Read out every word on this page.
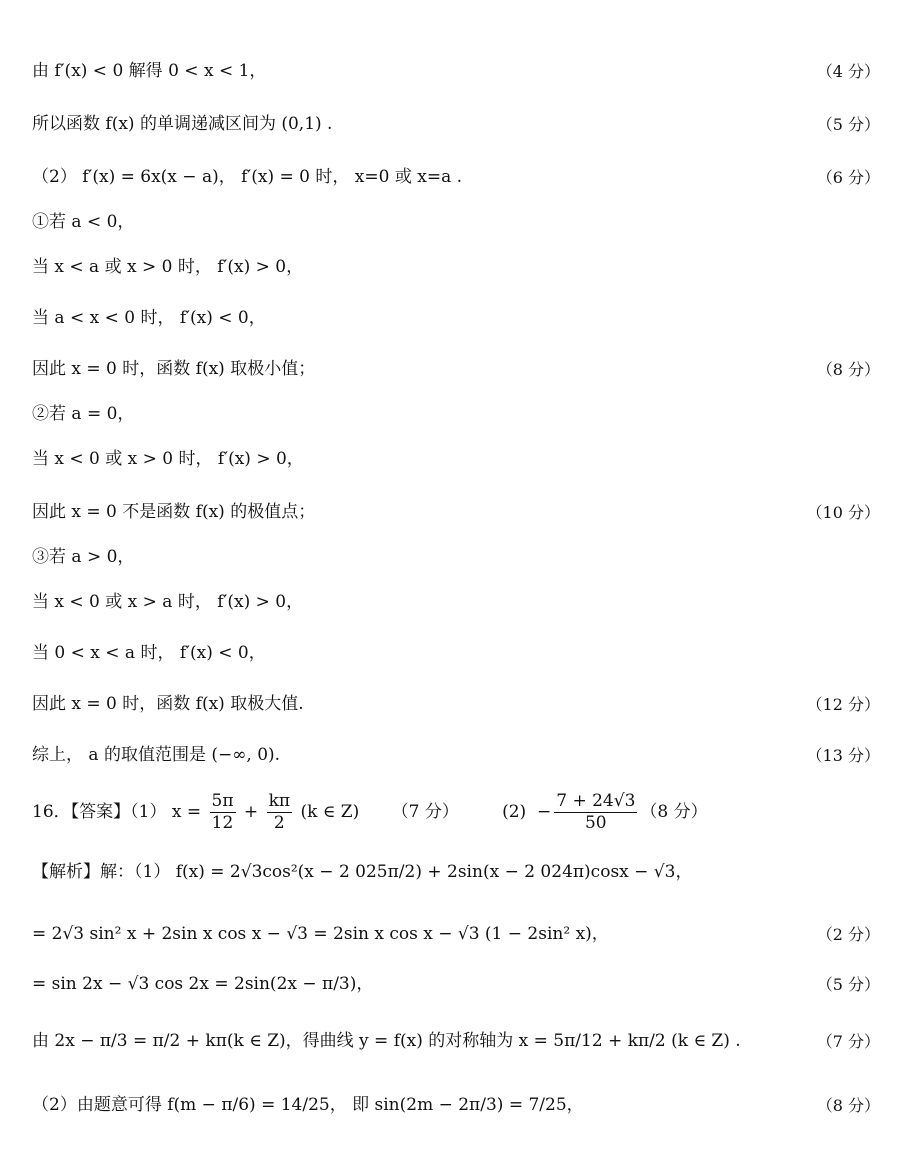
由 f′(x) < 0 解得 0 < x < 1，	（4 分）
所以函数 f(x) 的单调递减区间为 (0,1) .	（5 分）
（2） f′(x) = 6x(x − a)， f′(x) = 0 时， x=0 或 x=a .	（6 分）
①若 a < 0，
当 x < a 或 x > 0 时， f′(x) > 0，
当 a < x < 0 时， f′(x) < 0，
因此 x = 0 时，函数 f(x) 取极小值；	（8 分）
②若 a = 0，
当 x < 0 或 x > 0 时， f′(x) > 0，
因此 x = 0 不是函数 f(x) 的极值点；	（10 分）
③若 a > 0，
当 x < 0 或 x > a 时， f′(x) > 0，
当 0 < x < a 时， f′(x) < 0，
因此 x = 0 时，函数 f(x) 取极大值.	（12 分）
综上， a 的取值范围是 (−∞, 0).	（13 分）
16．【答案】（1） $x = \frac{5\pi}{12} + \frac{k\pi}{2} (k$ ∈ Z)      （7 分）        $(2) - \frac{7 + 24√3}{50} (8$ 分）
【解析】解：（1） f(x) = 2√3cos²(x − 2 025π/2) + 2sin(x − 2 024π)cosx − √3，
= 2√3 sin² x + 2sin x cos x − √3 = 2sin x cos x − √3 (1 − 2sin² x)，	（2 分）
= sin 2x − √3 cos 2x = 2sin(2x − π/3)，	（5 分）
由 2x − π/3 = π/2 + kπ(k ∈ Z)，得曲线 y = f(x) 的对称轴为 x = 5π/12 + kπ/2 (k ∈ Z) .	（7 分）
（2）由题意可得 f(m − π/6) = 14/25， 即 sin(2m − 2π/3) = 7/25，	（8 分）
